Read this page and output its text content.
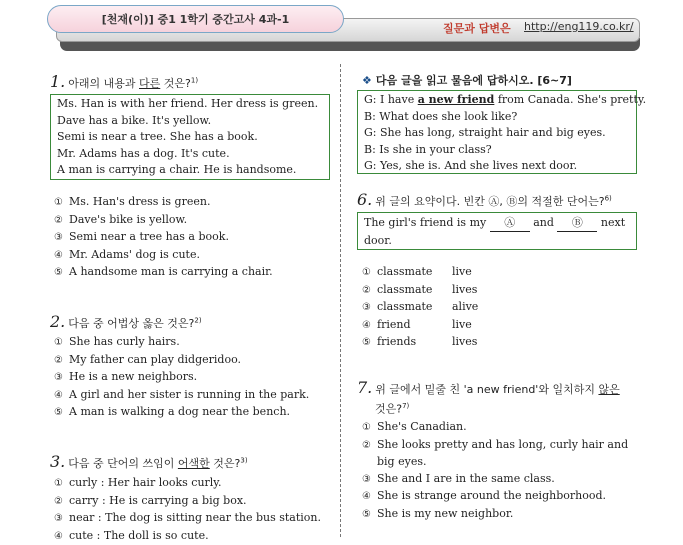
[천재(이)] 중1 1학기 중간고사 4과-1
질문과 답변은 http://eng119.co.kr/
1. 아래의 내용과 다른 것은?$^{1)}$
Ms. Han is with her friend. Her dress is green.
Dave has a bike. It's yellow.
Semi is near a tree. She has a book.
Mr. Adams has a dog. It's cute.
A man is carrying a chair. He is handsome.
① Ms. Han's dress is green.
② Dave's bike is yellow.
③ Semi near a tree has a book.
④ Mr. Adams' dog is cute.
⑤ A handsome man is carrying a chair.
2. 다음 중 어법상 옳은 것은?$^{2)}$
① She has curly hairs.
② My father can play didgeridoo.
③ He is a new neighbors.
④ A girl and her sister is running in the park.
⑤ A man is walking a dog near the bench.
3. 다음 중 단어의 쓰임이 어색한 것은?$^{3)}$
① curly : Her hair looks curly.
② carry : He is carrying a big box.
③ near : The dog is sitting near the bus station.
④ cute : The doll is so cute.
❖ 다음 글을 읽고 물음에 답하시오. [6~7]
G: I have a new friend from Canada. She's pretty.
B: What does she look like?
G: She has long, straight hair and big eyes.
B: Is she in your class?
G: Yes, she is. And she lives next door.
6. 위 글의 요약이다. 빈칸 Ⓐ, Ⓑ의 적절한 단어는?$^{6)}$
The girl's friend is my Ⓐ and Ⓑ next
door.
① classmate live
② classmate lives
③ classmate alive
④ friend	live
⑤ friends	lives
7. 위 글에서 밑줄 친 'a new friend'와 일치하지 않은
것은?$^{7)}$
① She's Canadian.
② She looks pretty and has long, curly hair and
big eyes.
③ She and I are in the same class.
④ She is strange around the neighborhood.
⑤ She is my new neighbor.
